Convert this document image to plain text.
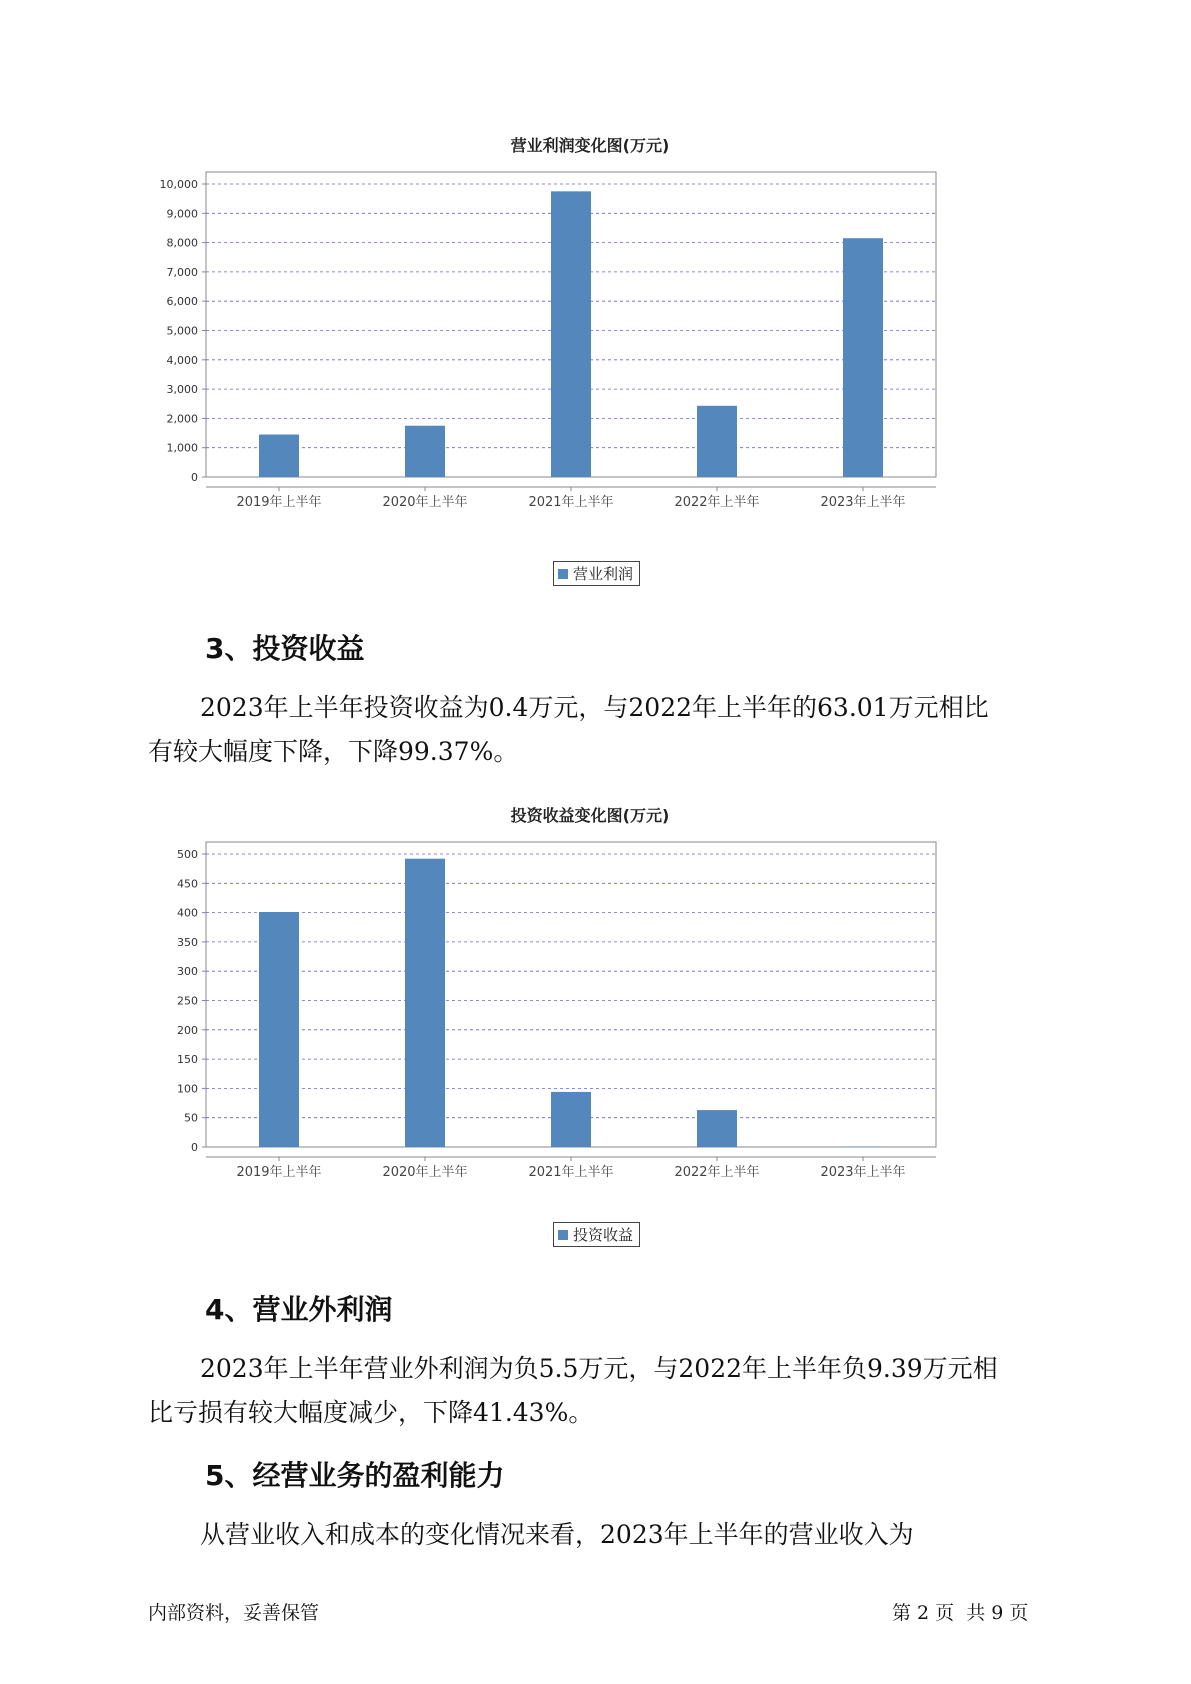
营业利润变化图(万元)
0
1,000
2,000
3,000
4,000
5,000
6,000
7,000
8,000
9,000
10,000
2019年上半年	2020年上半年	2021年上半年	2022年上半年	2023年上半年
营业利润
3、投资收益

2023年上半年投资收益为0.4万元，与2022年上半年的63.01万元相比
有较大幅度下降，下降99.37%。

投资收益变化图(万元)
0
50
100
150
200
250
300
350
400
450
500
2019年上半年	2020年上半年	2021年上半年	2022年上半年	2023年上半年
投资收益
4、营业外利润

2023年上半年营业外利润为负5.5万元，与2022年上半年负9.39万元相
比亏损有较大幅度减少，下降41.43%。

5、经营业务的盈利能力

从营业收入和成本的变化情况来看，2023年上半年的营业收入为

内部资料，妥善保管	第 2 页  共 9 页
